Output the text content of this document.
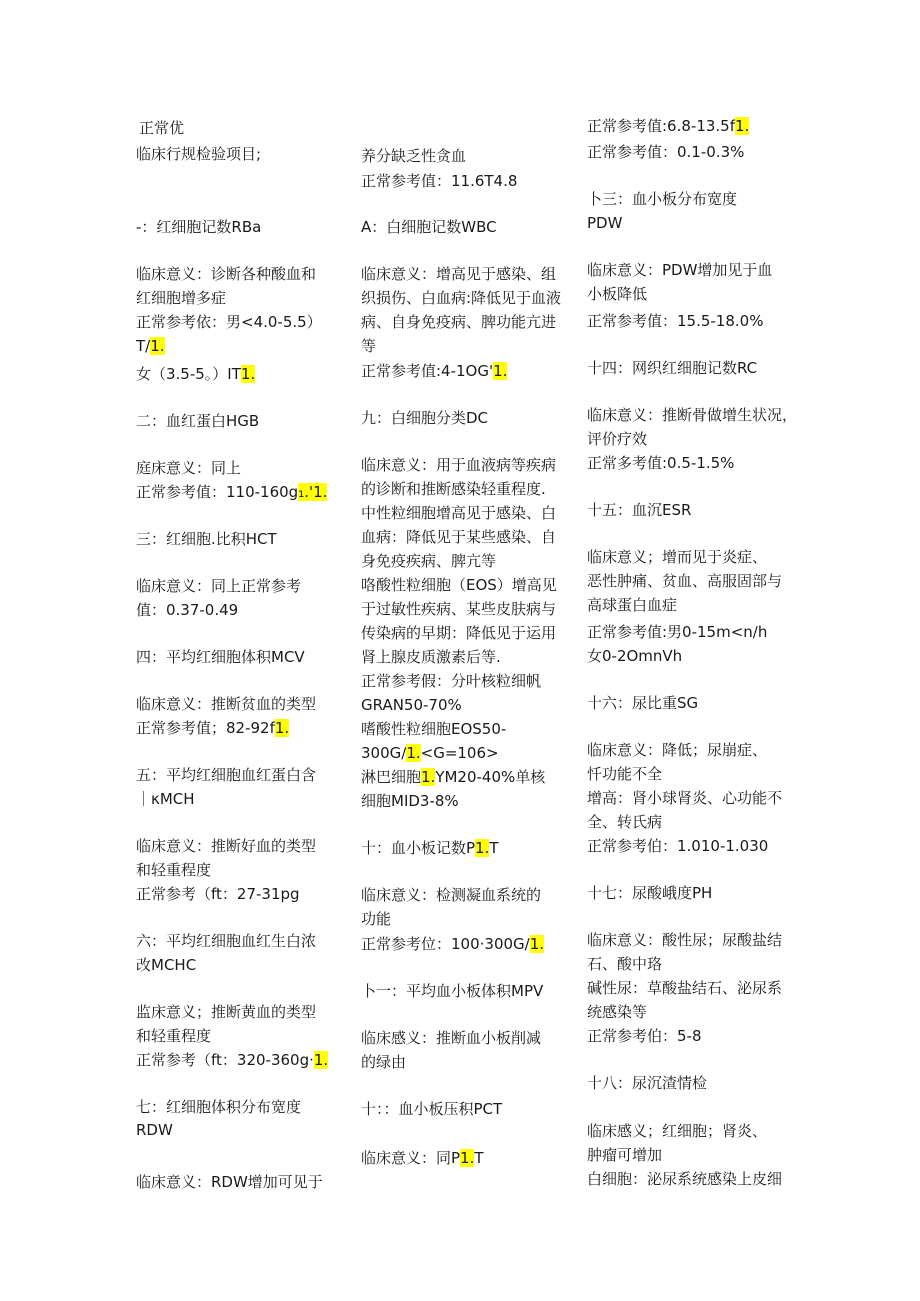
正常优
临床行规检验项目;
-：红细胞记数RBa
临床意义：诊断各种酸血和
红细胞增多症
正常参考依：男<4.0-5.5）
T/1.
女（3.5-5。）IT1.
二：血红蛋白HGB
庭床意义：同上
正常参考值：110-160g₁.'1.
三：红细胞.比积HCT
临床意义：同上正常参考
值：0.37-0.49
四：平均红细胞体积MCV
临床意义：推断贫血的类型
正常参考值；82-92f1.
五：平均红细胞血红蛋白含
｜κMCH
临床意义：推断好血的类型
和轻重程度
正常参考（ft：27-31pg
六：平均红细胞血红生白浓
改MCHC
监床意义；推断黄血的类型
和轻重程度
正常参考（ft：320-360g·1.
七：红细胞体积分布宽度
RDW
临床意义：RDW增加可见于
养分缺乏性贪血
正常参考值：11.6T4.8
A：白细胞记数WBC
临床意义：增高见于感染、组
织损伤、白血病:降低见于血液
病、自身免疫病、脾功能亢进
等
正常参考值:4-1OG'1.
九：白细胞分类DC
临床意义：用于血液病等疾病
的诊断和推断感染轻重程度.
中性粒细胞增高见于感染、白
血病：降低见于某些感染、自
身免疫疾病、脾亢等
咯酸性粒细胞（EOS）增高见
于过敏性疾病、某些皮肤病与
传染病的早期：降低见于运用
肾上腺皮质激素后等.
正常参考假：分叶核粒细帆
GRAN50-70%
嗜酸性粒细胞EOS50-
300G∕1.<G=106>
淋巴细胞1.YM20-40%单核
细胞MID3-8%
十：血小板记数P1.T
临床意义：检测凝血系统的
功能
正常参考位：100·300G∕1.
卜一：平均血小板体积MPV
临床感义：推断血小板削减
的绿由
十：：血小板压积PCT
临床意义：同P1.T
正常参考值:6.8-13.5f1.
正常参考值：0.1-0.3%
卜三：血小板分布宽度
PDW
临床意义：PDW增加见于血
小板降低
正常参考值：15.5-18.0%
十四：网织红细胞记数RC
临床意义：推断骨做增生状况，
评价疗效
正常多考值:0.5-1.5%
十五：血沉ESR
临床意义；增而见于炎症、
恶性肿痛、贫血、高服固部与
高球蛋白血症
正常参考值:男0-15m<n∕h
女0-2OmnVh
十六：尿比重SG
临床意义：降低；尿崩症、
忏功能不全
增高：肾小球肾炎、心功能不
全、转氏病
正常参考伯：1.010-1.030
十七：尿酸峨度PH
临床意义：酸性尿；尿酸盐结
石、酸中珞
碱性尿：草酸盐结石、泌尿系
统感染等
正常参考伯：5-8
十八：尿沉渣情检
临床感义；红细胞；肾炎、
肿瘤可增加
白细胞：泌尿系统感染上皮细
